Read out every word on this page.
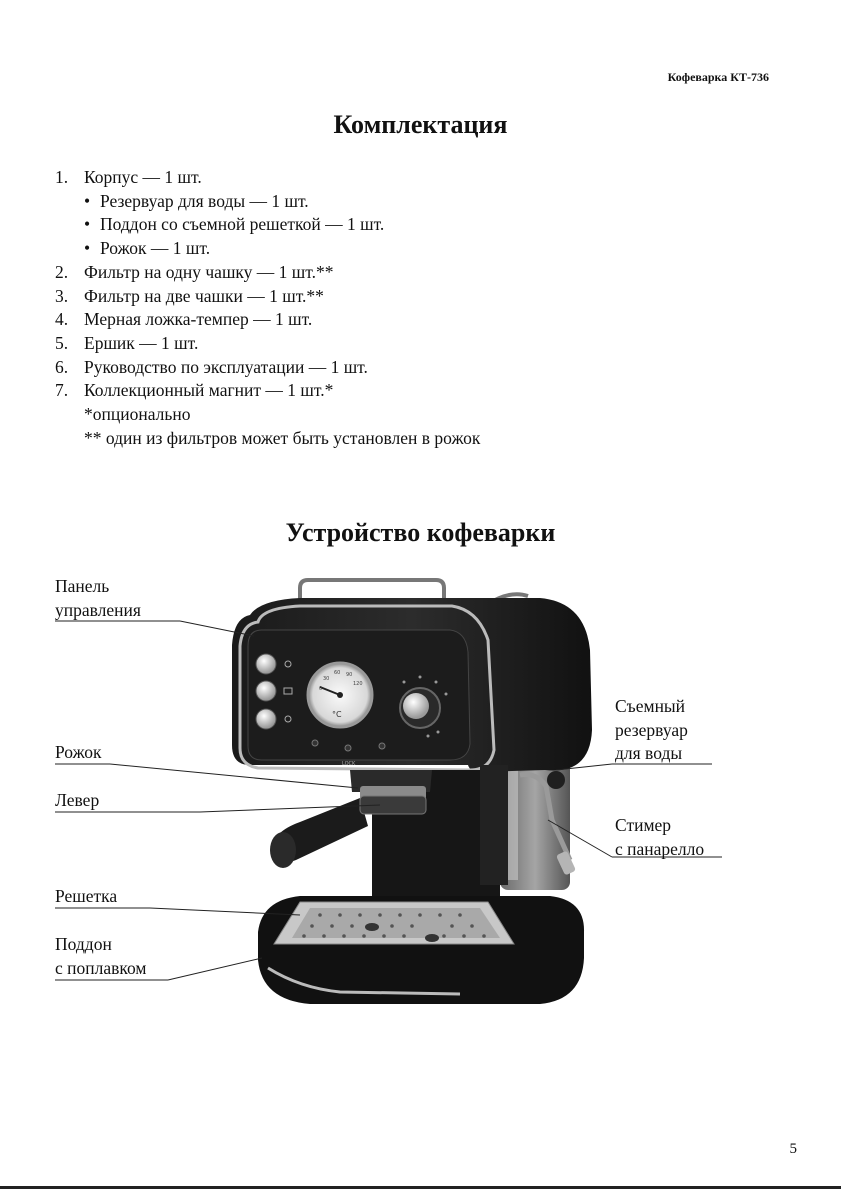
Кофеварка КТ-736
Комплектация
1. Корпус — 1 шт.
• Резервуар для воды — 1 шт.
• Поддон со съемной решеткой — 1 шт.
• Рожок — 1 шт.
2. Фильтр на одну чашку — 1 шт.**
3. Фильтр на две чашки — 1 шт.**
4. Мерная ложка-темпер — 1 шт.
5. Ершик — 1 шт.
6. Руководство по эксплуатации — 1 шт.
7. Коллекционный магнит — 1 шт.*
*опционально
** один из фильтров может быть установлен в рожок
Устройство кофеварки
°C
0
30
60 90
120
LOCK
Панель
управления
Рожок
Левер
Решетка
Поддон
с поплавком
Съемный
резервуар
для воды
Стимер
с панарелло
5
